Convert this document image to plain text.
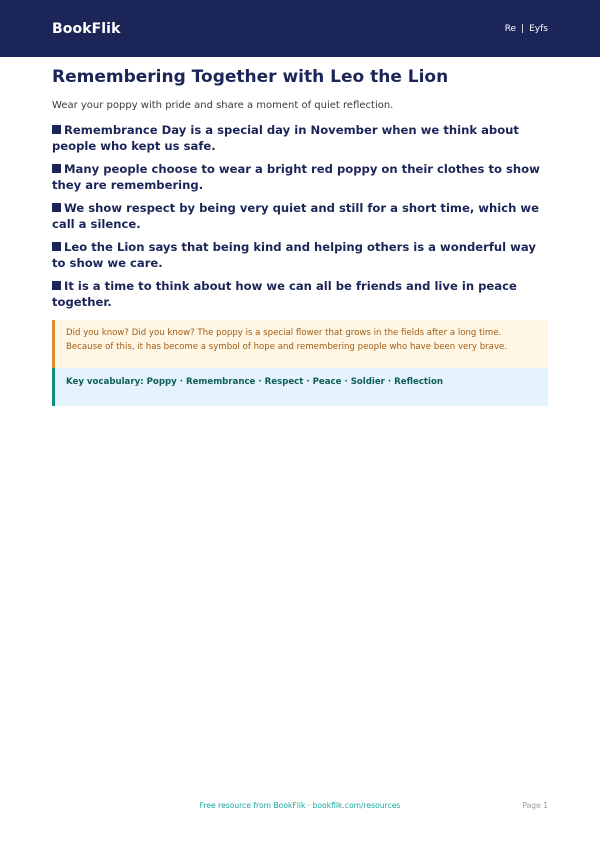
BookFlik	Re | Eyfs
Remembering Together with Leo the Lion

Wear your poppy with pride and share a moment of quiet reflection.

Remembrance Day is a special day in November when we think about people who kept us safe.
Many people choose to wear a bright red poppy on their clothes to show they are remembering.
We show respect by being very quiet and still for a short time, which we call a silence.
Leo the Lion says that being kind and helping others is a wonderful way to show we care.
It is a time to think about how we can all be friends and live in peace together.
Did you know? Did you know? The poppy is a special flower that grows in the fields after a long time. Because of this, it has become a symbol of hope and remembering people who have been very brave.
Key vocabulary: Poppy · Remembrance · Respect · Peace · Soldier · Reflection
Free resource from BookFlik · bookflik.com/resources	Page 1
